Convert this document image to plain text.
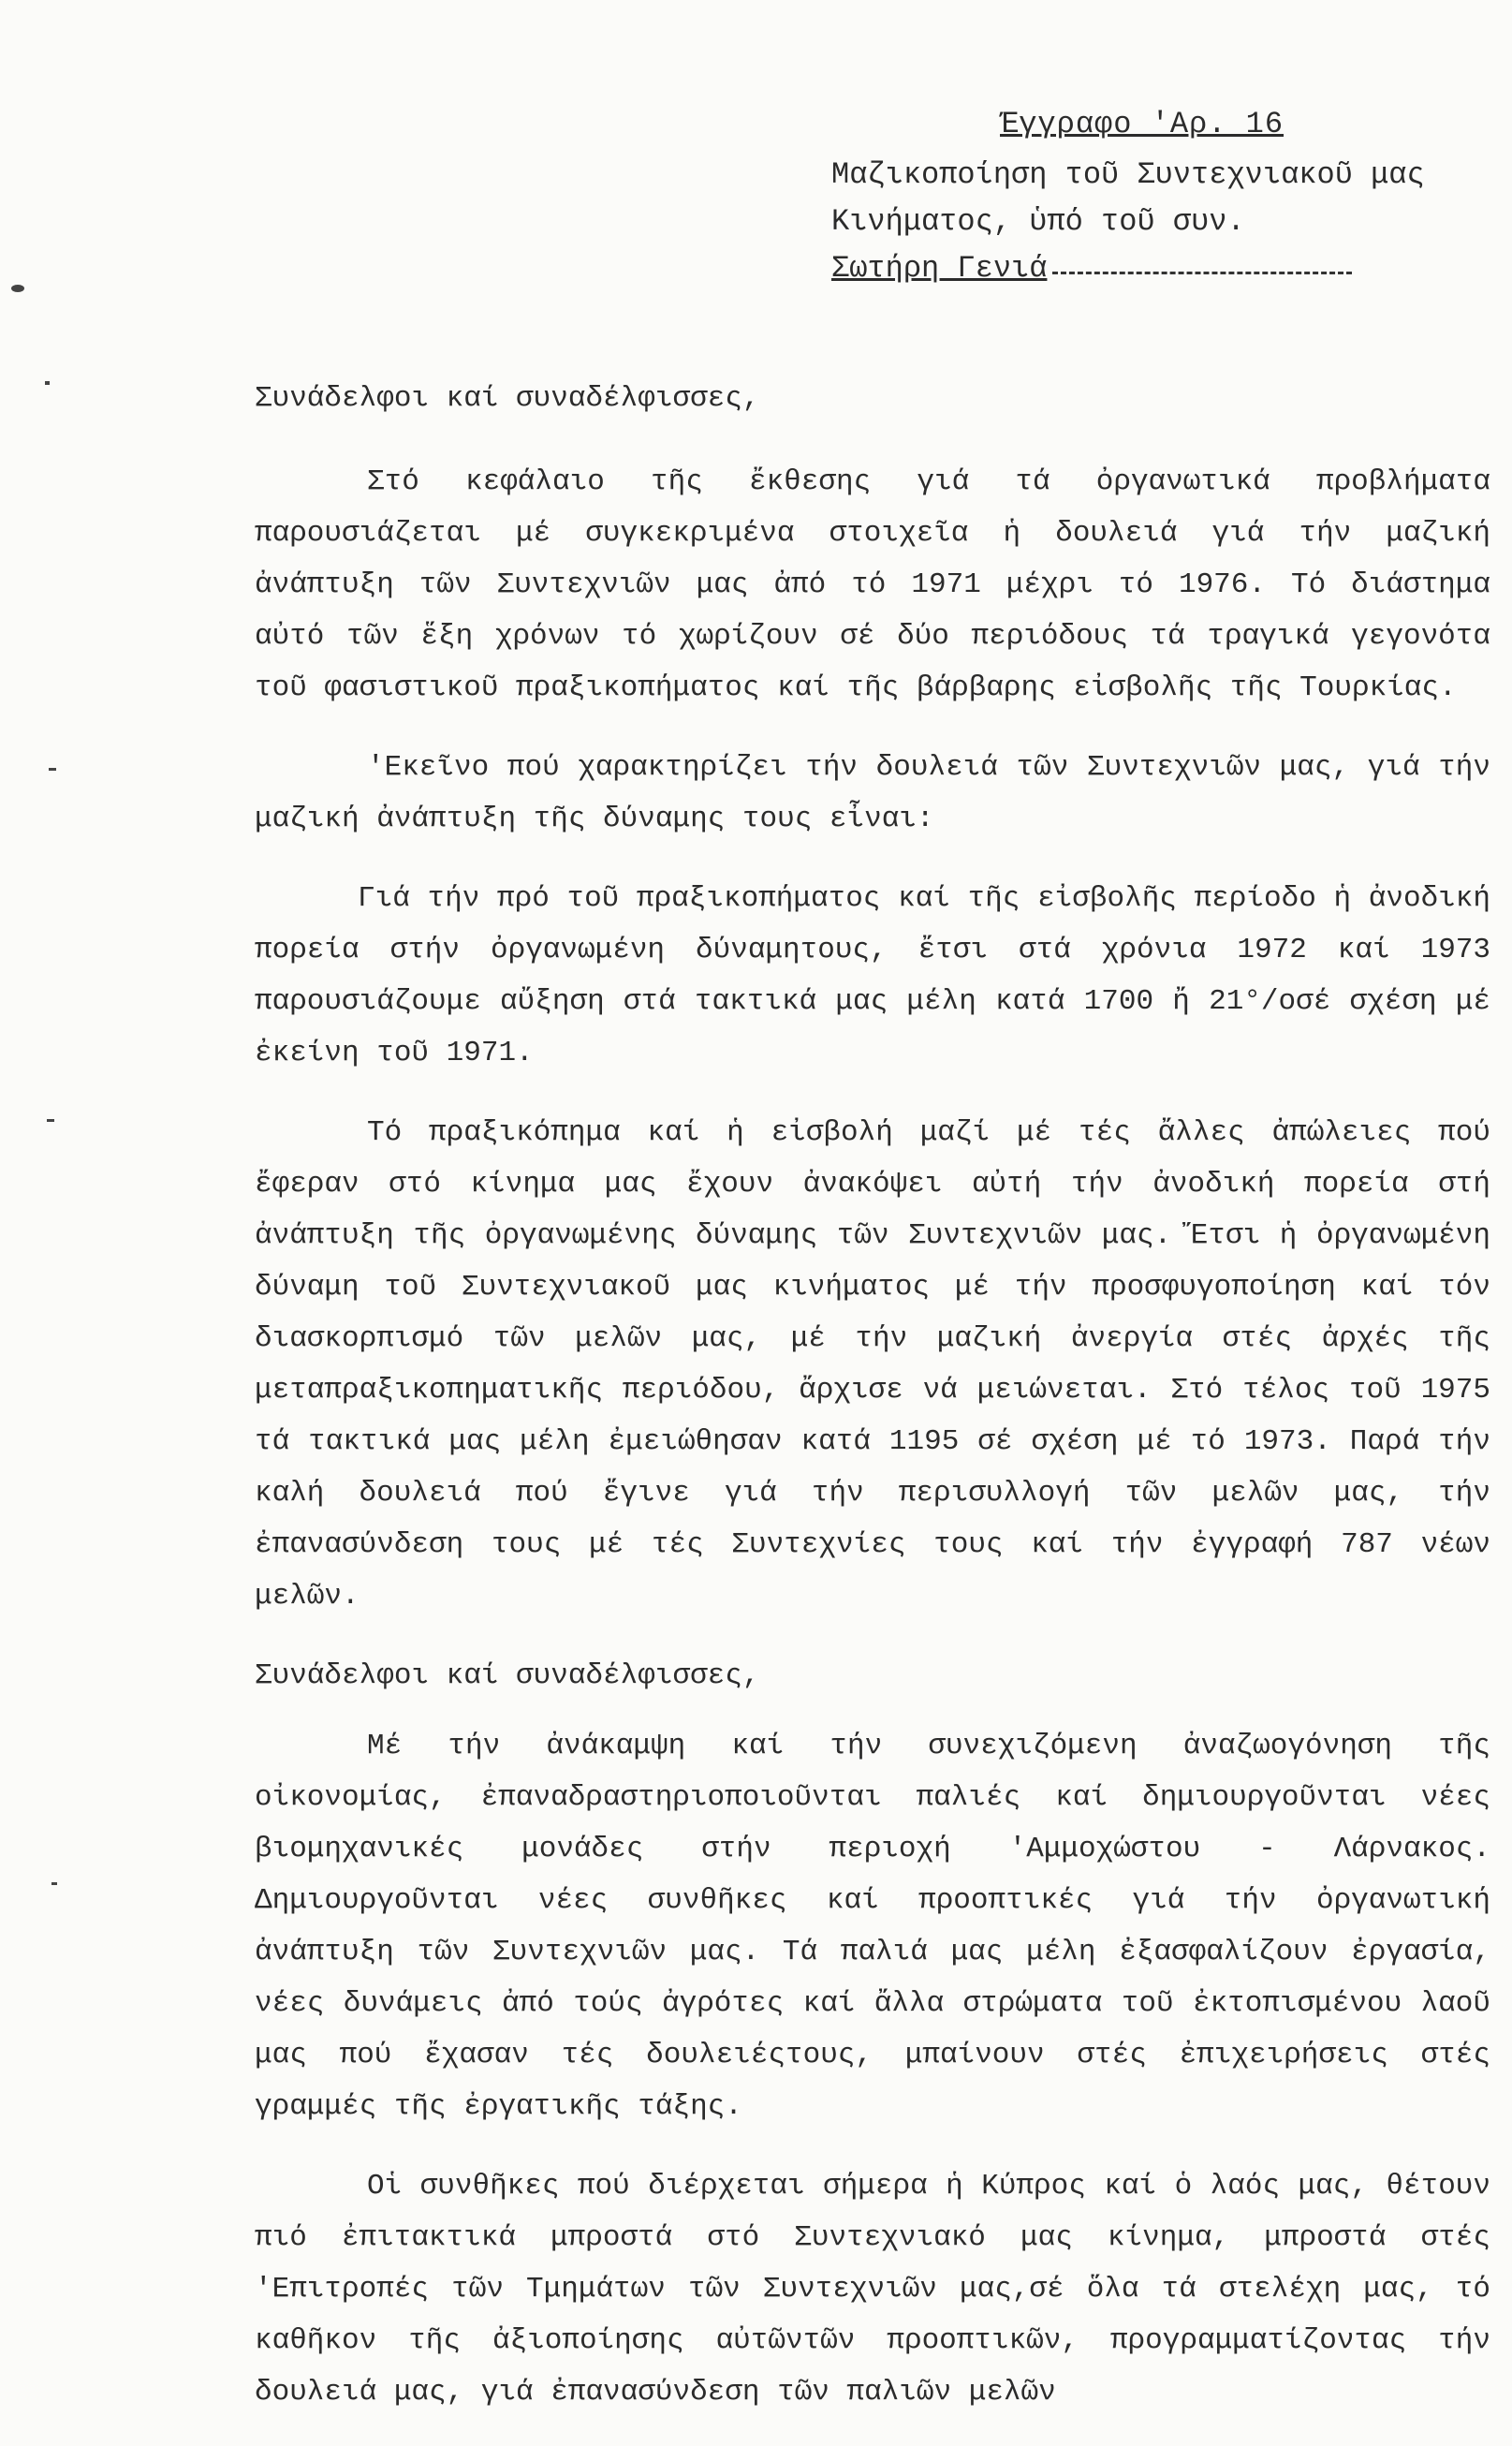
Έγγραφο 'Αρ. 16
Μαζικοποίηση τοῦ Συντεχνιακοῦ μας
Κινήματος, ὑπό τοῦ συν.
Σωτήρη Γενιά

Συνάδελφοι καί συναδέλφισσες,

Στό κεφάλαιο τῆς ἔκθεσης γιά τά ὀργανωτικά προβλήματα παρουσιάζεται μέ συγκεκριμένα στοιχεῖα ἡ δουλειά γιά τήν μαζική ἀνάπτυξη τῶν Συντεχνιῶν μας ἀπό τό 1971 μέχρι τό 1976. Τό διάστημα αὐτό τῶν ἕξη χρόνων τό χωρίζουν σέ δύο περιόδους τά τραγικά γεγονότα τοῦ φασιστικοῦ πραξικοπήματος καί τῆς βάρβαρης εἰσβολῆς τῆς Τουρκίας.

'Εκεῖνο πού χαρακτηρίζει τήν δουλειά τῶν Συντεχνιῶν μας, γιά τήν μαζική ἀνάπτυξη τῆς δύναμης τους εἶναι:

Γιά τήν πρό τοῦ πραξικοπήματος καί τῆς εἰσβολῆς περίοδο ἡ ἀνοδική πορεία στήν ὀργανωμένη δύναμητους, ἔτσι στά χρόνια 1972 καί 1973 παρουσιάζουμε αὔξηση στά τακτικά μας μέλη κατά 1700 ἤ 21°/οσέ σχέση μέ ἐκείνη τοῦ 1971.

Τό πραξικόπημα καί ἡ εἰσβολή μαζί μέ τές ἄλλες ἀπώλειες πού ἔφεραν στό κίνημα μας ἔχουν ἀνακόψει αὐτή τήν ἀνοδική πορεία στή ἀνάπτυξη τῆς ὀργανωμένης δύναμης τῶν Συντεχνιῶν μας. Ἔτσι ἡ ὀργανωμένη δύναμη τοῦ Συντεχνιακοῦ μας κινήματος μέ τήν προσφυγοποίηση καί τόν διασκορπισμό τῶν μελῶν μας, μέ τήν μαζική ἀνεργία στές ἀρχές τῆς μεταπραξικοπηματικῆς περιόδου, ἄρχισε νά μειώνεται. Στό τέλος τοῦ 1975 τά τακτικά μας μέλη ἐμειώθησαν κατά 1195 σέ σχέση μέ τό 1973. Παρά τήν καλή δουλειά πού ἔγινε γιά τήν περισυλλογή τῶν μελῶν μας, τήν ἐπανασύνδεση τους μέ τές Συντεχνίες τους καί τήν ἐγγραφή 787 νέων μελῶν.

Συνάδελφοι καί συναδέλφισσες,

Μέ τήν ἀνάκαμψη καί τήν συνεχιζόμενη ἀναζωογόνηση τῆς οἰκονομίας, ἐπαναδραστηριοποιοῦνται παλιές καί δημιουργοῦνται νέες βιομηχανικές μονάδες στήν περιοχή 'Αμμοχώστου - Λάρνακος. Δημιουργοῦνται νέες συνθῆκες καί προοπτικές γιά τήν ὀργανωτική ἀνάπτυξη τῶν Συντεχνιῶν μας. Τά παλιά μας μέλη ἐξασφαλίζουν ἐργασία, νέες δυνάμεις ἀπό τούς ἀγρότες καί ἄλλα στρώματα τοῦ ἐκτοπισμένου λαοῦ μας πού ἔχασαν τές δουλειέςτους, μπαίνουν στές ἐπιχειρήσεις στές γραμμές τῆς ἐργατικῆς τάξης.

Οἱ συνθῆκες πού διέρχεται σήμερα ἡ Κύπρος καί ὁ λαός μας, θέτουν πιό ἐπιτακτικά μπροστά στό Συντεχνιακό μας κίνημα, μπροστά στές 'Επιτροπές τῶν Τμημάτων τῶν Συντεχνιῶν μας,σέ ὅλα τά στελέχη μας, τό καθῆκον τῆς ἀξιοποίησης αὐτῶντῶν προοπτικῶν, προγραμματίζοντας τήν δουλειά μας, γιά ἐπανασύνδεση τῶν παλιῶν μελῶν
